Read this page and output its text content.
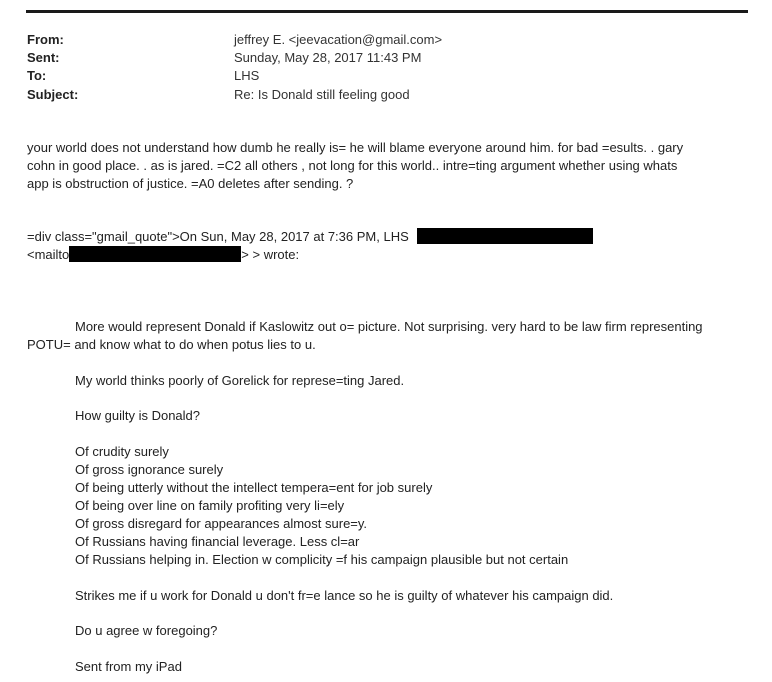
From:	jeffrey E. <jeevacation@gmail.com>
Sent:	Sunday, May 28, 2017 11:43 PM
To:	LHS
Subject:	Re: Is Donald still feeling good
your world does not understand how dumb he really is= he will blame everyone around him. for bad =esults. . gary
cohn in good place. . as is jared. =C2 all others , not long for this world.. intre=ting argument whether using whats
app is obstruction of justice. =A0 deletes after sending. ?
=div class="gmail_quote">On Sun, May 28, 2017 at 7:36 PM, LHS
<mailto	> > wrote:
More would represent Donald if Kaslowitz out o= picture. Not surprising. very hard to be law firm representing
POTU= and know what to do when potus lies to u.
My world thinks poorly of Gorelick for represe=ting Jared.
How guilty is Donald?
Of crudity surely
Of gross ignorance surely
Of being utterly without the intellect tempera=ent for job surely
Of being over line on family profiting very li=ely
Of gross disregard for appearances almost sure=y.
Of Russians having financial leverage. Less cl=ar
Of Russians helping in. Election w complicity =f his campaign plausible but not certain
Strikes me if u work for Donald u don't fr=e lance so he is guilty of whatever his campaign did.
Do u agree w foregoing?
Sent from my iPad
